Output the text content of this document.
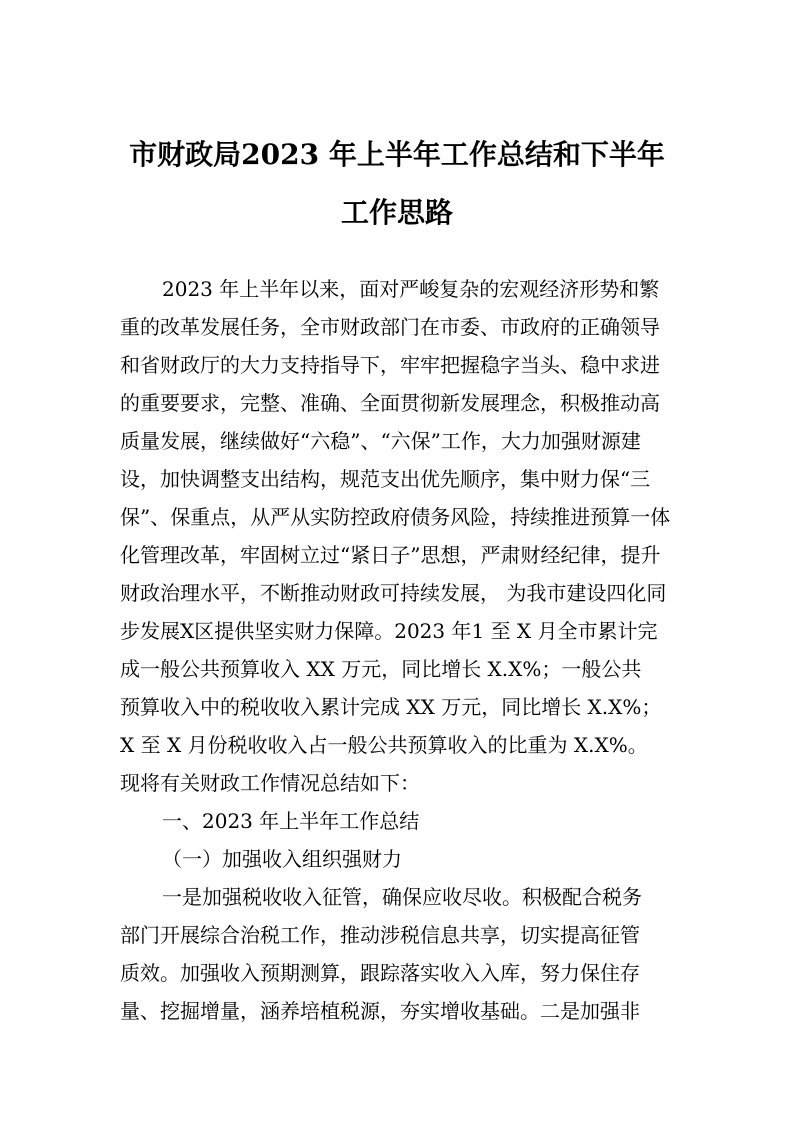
市财政局2023 年上半年工作总结和下半年
工作思路
2023 年上半年以来，面对严峻复杂的宏观经济形势和繁
重的改革发展任务，全市财政部门在市委、市政府的正确领导
和省财政厅的大力支持指导下，牢牢把握稳字当头、稳中求进
的重要要求，完整、准确、全面贯彻新发展理念，积极推动高
质量发展，继续做好“六稳”、“六保”工作，大力加强财源建
设，加快调整支出结构，规范支出优先顺序，集中财力保“三
保”、保重点，从严从实防控政府债务风险，持续推进预算一体
化管理改革，牢固树立过“紧日子”思想，严肃财经纪律，提升
财政治理水平，不断推动财政可持续发展， 为我市建设四化同
步发展X区提供坚实财力保障。2023 年1 至 X 月全市累计完
成一般公共预算收入 XX 万元，同比增长 X.X%；一般公共
预算收入中的税收收入累计完成 XX 万元，同比增长 X.X%；
X 至 X 月份税收收入占一般公共预算收入的比重为 X.X%。
现将有关财政工作情况总结如下：
一、2023 年上半年工作总结
（一）加强收入组织强财力
一是加强税收收入征管，确保应收尽收。积极配合税务
部门开展综合治税工作，推动涉税信息共享，切实提高征管
质效。加强收入预期测算，跟踪落实收入入库，努力保住存
量、挖掘增量，涵养培植税源，夯实增收基础。二是加强非
